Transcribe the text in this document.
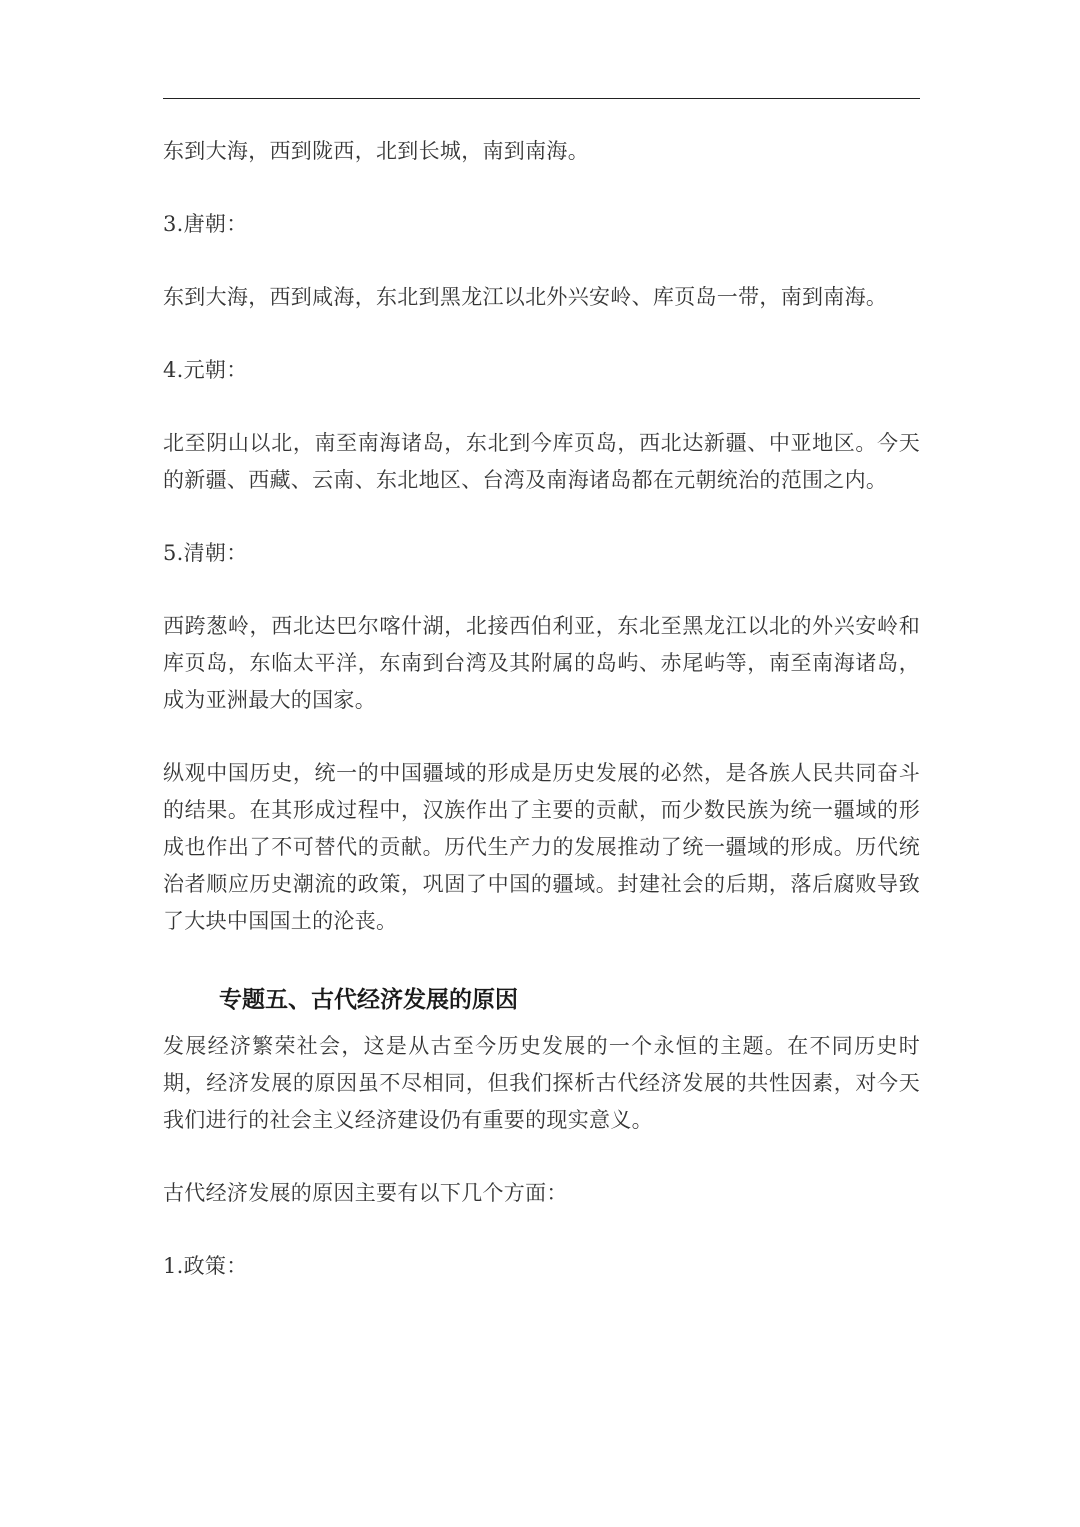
东到大海，西到陇西，北到长城，南到南海。

3.唐朝：

东到大海，西到咸海，东北到黑龙江以北外兴安岭、库页岛一带，南到南海。

4.元朝：

北至阴山以北，南至南海诸岛，东北到今库页岛，西北达新疆、中亚地区。今天的新疆、西藏、云南、东北地区、台湾及南海诸岛都在元朝统治的范围之内。

5.清朝：

西跨葱岭，西北达巴尔喀什湖，北接西伯利亚，东北至黑龙江以北的外兴安岭和库页岛，东临太平洋，东南到台湾及其附属的岛屿、赤尾屿等，南至南海诸岛，成为亚洲最大的国家。

纵观中国历史，统一的中国疆域的形成是历史发展的必然，是各族人民共同奋斗的结果。在其形成过程中，汉族作出了主要的贡献，而少数民族为统一疆域的形成也作出了不可替代的贡献。历代生产力的发展推动了统一疆域的形成。历代统治者顺应历史潮流的政策，巩固了中国的疆域。封建社会的后期，落后腐败导致了大块中国国土的沦丧。

专题五、古代经济发展的原因

发展经济繁荣社会，这是从古至今历史发展的一个永恒的主题。在不同历史时期，经济发展的原因虽不尽相同，但我们探析古代经济发展的共性因素，对今天我们进行的社会主义经济建设仍有重要的现实意义。

古代经济发展的原因主要有以下几个方面：

1.政策：
